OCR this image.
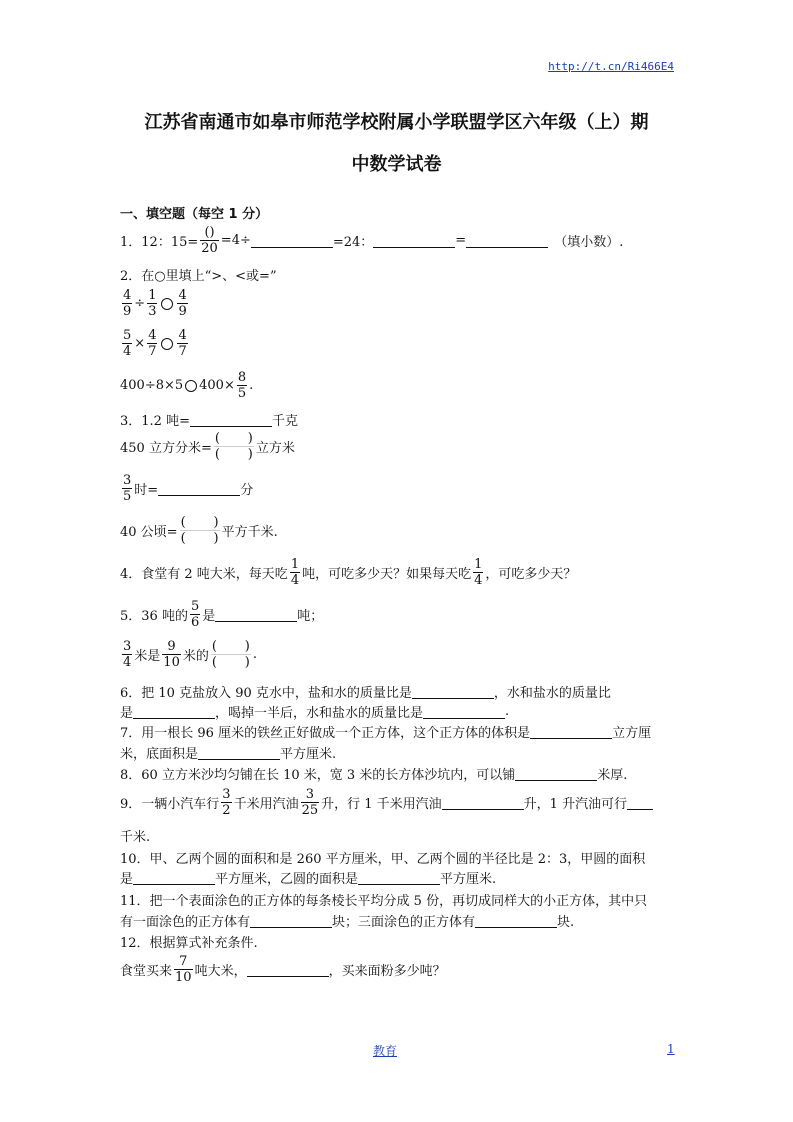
http://t.cn/Ri466E4
江苏省南通市如皋市师范学校附属小学联盟学区六年级（上）期
中数学试卷
一、填空题（每空 1 分）
1．12：$15= \frac{()}{20} =4\div$	=24：	=	（填小数）.
2．在○里填上“>、<或=”
$\frac{4}{9} \div \frac{1}{3} \frac{4}{9}$
$\frac{5}{4} \times \frac{4}{7} \frac{4}{7}$
400÷8×5 $400\times \frac{8}{5}$ .
3．1.2 吨=	千克
450 立方分米=
( ) ( )	立方米
$\frac{3}{5}$ 时=	分
40 公顷=
( ) ( )	平方千米.
4．食堂有 2 吨大米，每天吃 $\frac{1}{4}$ 吨，可吃多少天？如果每天吃 $\frac{1}{4}$ ，可吃多少天？
5．36 吨的 $\frac{5}{6}$ 是	吨；
$\frac{3}{4}$ 米是 $\frac{9}{10}$ 米的 ( ) ( )	.
6．把 10 克盐放入 90 克水中，盐和水的质量比是	，水和盐水的质量比
是	，喝掉一半后，水和盐水的质量比是	.
7．用一根长 96 厘米的铁丝正好做成一个正方体，这个正方体的体积是	立方厘
米，底面积是	平方厘米.
8．60 立方米沙均匀铺在长 10 米，宽 3 米的长方体沙坑内，可以铺	米厚.
9．一辆小汽车行 $\frac{3}{2}$ 千米用汽油 $\frac{3}{25}$ 升，行 1 千米用汽油	升，1 升汽油可行
千米.
10．甲、乙两个圆的面积和是 260 平方厘米，甲、乙两个圆的半径比是 2：3，甲圆的面积
是	平方厘米，乙圆的面积是	平方厘米.
11．把一个表面涂色的正方体的每条棱长平均分成 5 份，再切成同样大的小正方体，其中只
有一面涂色的正方体有	块；三面涂色的正方体有	块.
12．根据算式补充条件.
食堂买来 $\frac{7}{10}$ 吨大米，	，买来面粉多少吨？
教育	1
